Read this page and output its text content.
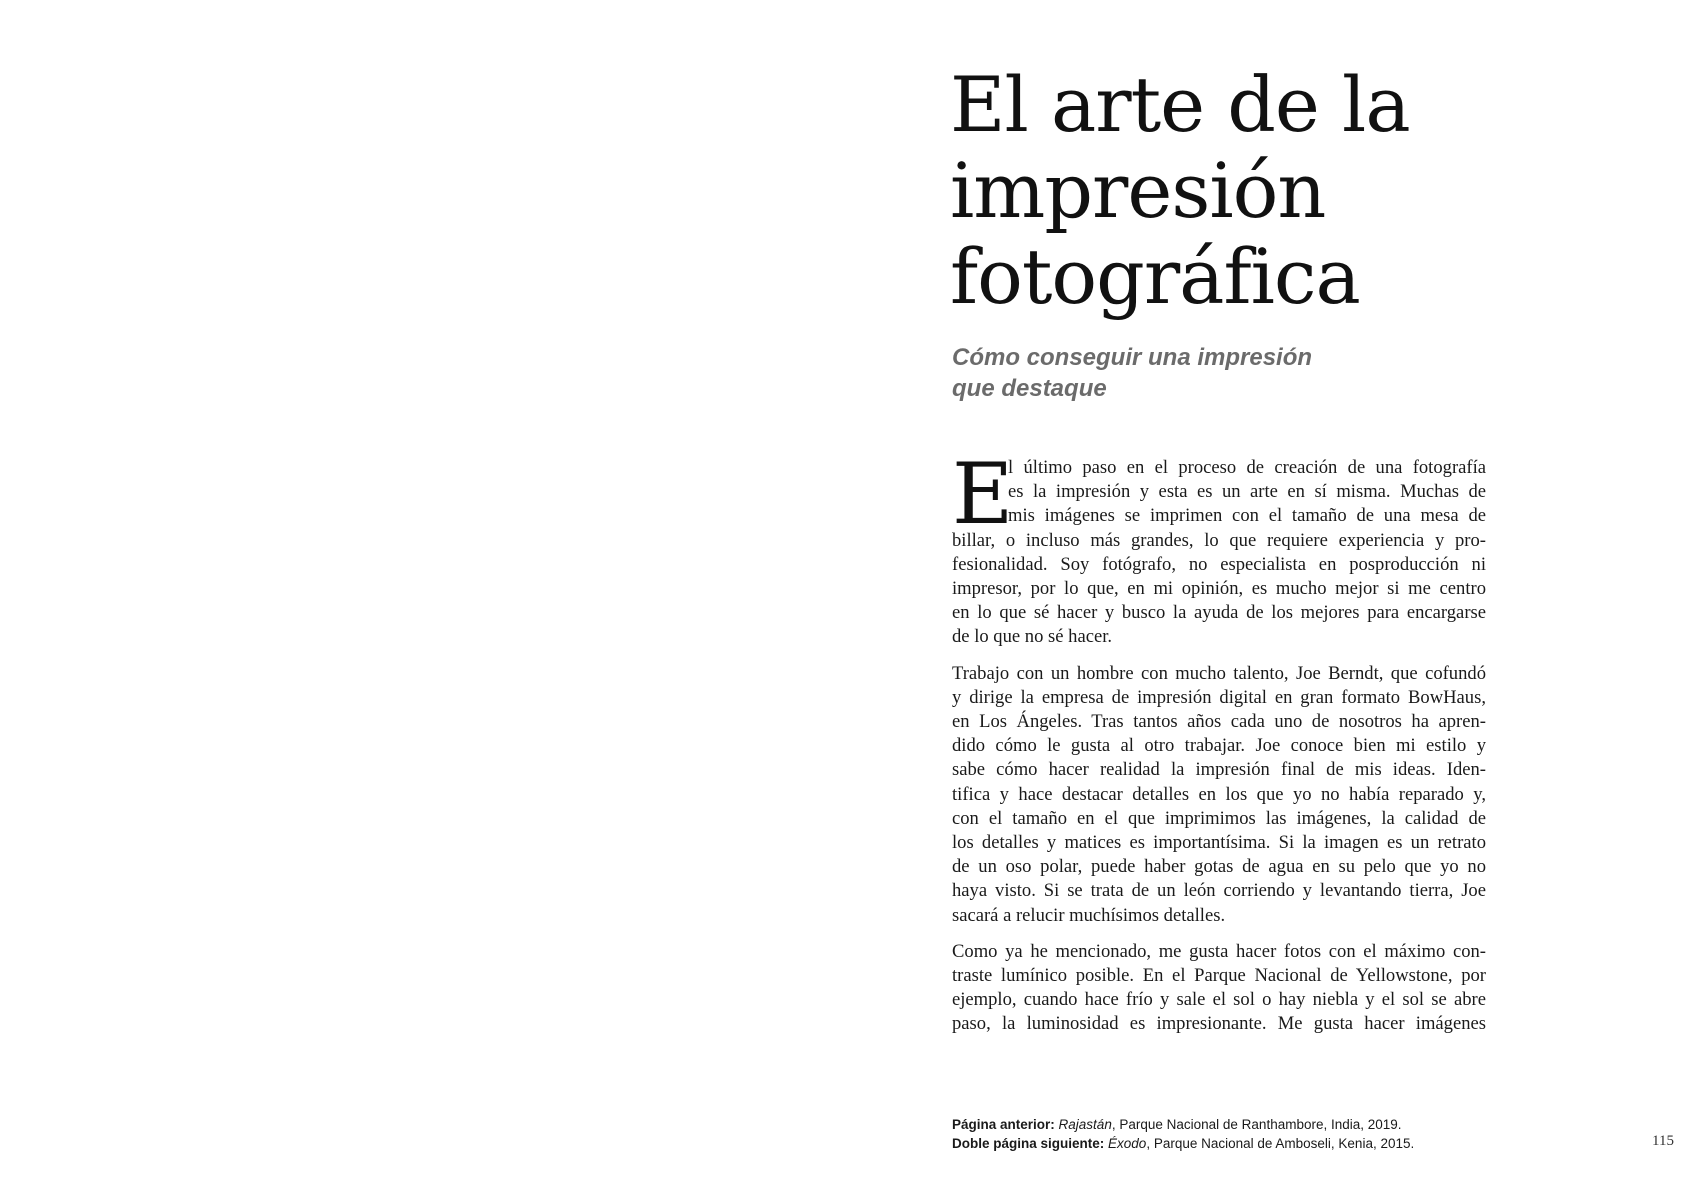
El arte de la
impresión
fotográfica
Cómo conseguir una impresión
que destaque

E
l último paso en el proceso de creación de una fotografía
es la impresión y esta es un arte en sí misma. Muchas de
mis imágenes se imprimen con el tamaño de una mesa de
billar, o incluso más grandes, lo que requiere experiencia y pro-
fesionalidad. Soy fotógrafo, no especialista en posproducción ni
impresor, por lo que, en mi opinión, es mucho mejor si me centro
en lo que sé hacer y busco la ayuda de los mejores para encargarse
de lo que no sé hacer.

Trabajo con un hombre con mucho talento, Joe Berndt, que cofundó
y dirige la empresa de impresión digital en gran formato BowHaus,
en Los Ángeles. Tras tantos años cada uno de nosotros ha apren-
dido cómo le gusta al otro trabajar. Joe conoce bien mi estilo y
sabe cómo hacer realidad la impresión final de mis ideas. Iden-
tifica y hace destacar detalles en los que yo no había reparado y,
con el tamaño en el que imprimimos las imágenes, la calidad de
los detalles y matices es importantísima. Si la imagen es un retrato
de un oso polar, puede haber gotas de agua en su pelo que yo no
haya visto. Si se trata de un león corriendo y levantando tierra, Joe
sacará a relucir muchísimos detalles.

Como ya he mencionado, me gusta hacer fotos con el máximo con-
traste lumínico posible. En el Parque Nacional de Yellowstone, por
ejemplo, cuando hace frío y sale el sol o hay niebla y el sol se abre
paso, la luminosidad es impresionante. Me gusta hacer imágenes

Página anterior: Rajastán, Parque Nacional de Ranthambore, India, 2019.
Doble página siguiente: Éxodo, Parque Nacional de Amboseli, Kenia, 2015.	115
